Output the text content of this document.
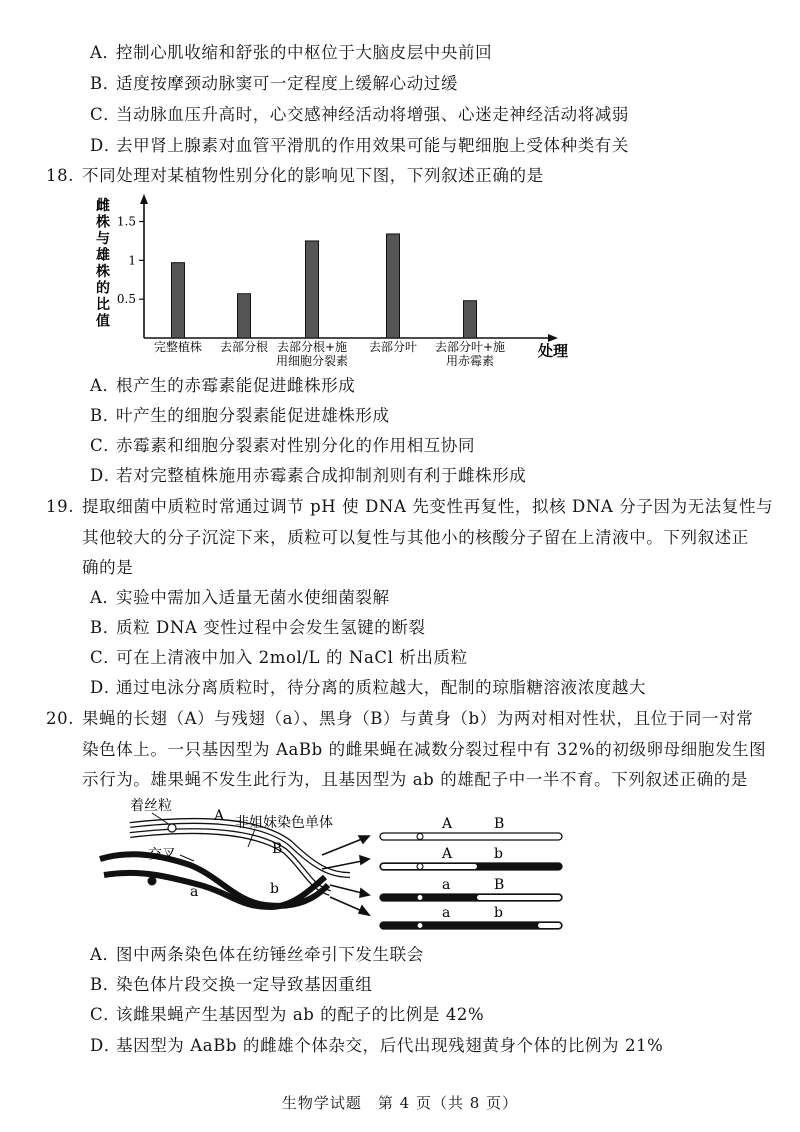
A．控制心肌收缩和舒张的中枢位于大脑皮层中央前回
B．适度按摩颈动脉窦可一定程度上缓解心动过缓
C．当动脉血压升高时，心交感神经活动将增强、心迷走神经活动将减弱
D．去甲肾上腺素对血管平滑肌的作用效果可能与靶细胞上受体种类有关
18. 不同处理对某植物性别分化的影响见下图，下列叙述正确的是
雌
株
与
雄
株
的
比
值
0.5
1
1.5
完整植株 去部分根 去部分根+施
用细胞分裂素
去部分叶 去部分叶+施
用赤霉素
处理
A．根产生的赤霉素能促进雌株形成
B．叶产生的细胞分裂素能促进雄株形成
C．赤霉素和细胞分裂素对性别分化的作用相互协同
D．若对完整植株施用赤霉素合成抑制剂则有利于雌株形成
19. 提取细菌中质粒时常通过调节 pH 使 DNA 先变性再复性，拟核 DNA 分子因为无法复性与
其他较大的分子沉淀下来，质粒可以复性与其他小的核酸分子留在上清液中。下列叙述正
确的是
A．实验中需加入适量无菌水使细菌裂解
B．质粒 DNA 变性过程中会发生氢键的断裂
C．可在上清液中加入 2mol/L 的 NaCl 析出质粒
D．通过电泳分离质粒时，待分离的质粒越大，配制的琼脂糖溶液浓度越大
20. 果蝇的长翅（A）与残翅（a）、黑身（B）与黄身（b）为两对相对性状，且位于同一对常
染色体上。一只基因型为 AaBb 的雌果蝇在减数分裂过程中有 32%的初级卵母细胞发生图
示行为。雄果蝇不发生此行为，且基因型为 ab 的雄配子中一半不育。下列叙述正确的是
着丝粒
A 非姐妹染色单体
B
交叉
a	b
A	B
A	b
a	B
a	b
A．图中两条染色体在纺锤丝牵引下发生联会
B．染色体片段交换一定导致基因重组
C．该雌果蝇产生基因型为 ab 的配子的比例是 42%
D．基因型为 AaBb 的雌雄个体杂交，后代出现残翅黄身个体的比例为 21%
生物学试题　第 4 页（共 8 页）
